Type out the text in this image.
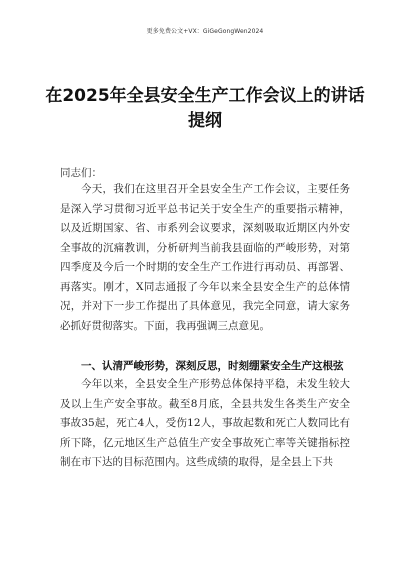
更多免费公文+VX：GiGeGongWen2024
在2025年全县安全生产工作会议上的讲话提纲
同志们：
今天，我们在这里召开全县安全生产工作会议，主要任务是深入学习贯彻习近平总书记关于安全生产的重要指示精神，以及近期国家、省、市系列会议要求，深刻吸取近期区内外安全事故的沉痛教训，分析研判当前我县面临的严峻形势，对第四季度及今后一个时期的安全生产工作进行再动员、再部署、再落实。刚才，X同志通报了今年以来全县安全生产的总体情况，并对下一步工作提出了具体意见，我完全同意，请大家务必抓好贯彻落实。下面，我再强调三点意见。
一、认清严峻形势，深刻反思，时刻绷紧安全生产这根弦
今年以来，全县安全生产形势总体保持平稳，未发生较大及以上生产安全事故。截至8月底，全县共发生各类生产安全事故35起，死亡4人，受伤12人，事故起数和死亡人数同比有所下降，亿元地区生产总值生产安全事故死亡率等关键指标控制在市下达的目标范围内。这些成绩的取得，是全县上下共
